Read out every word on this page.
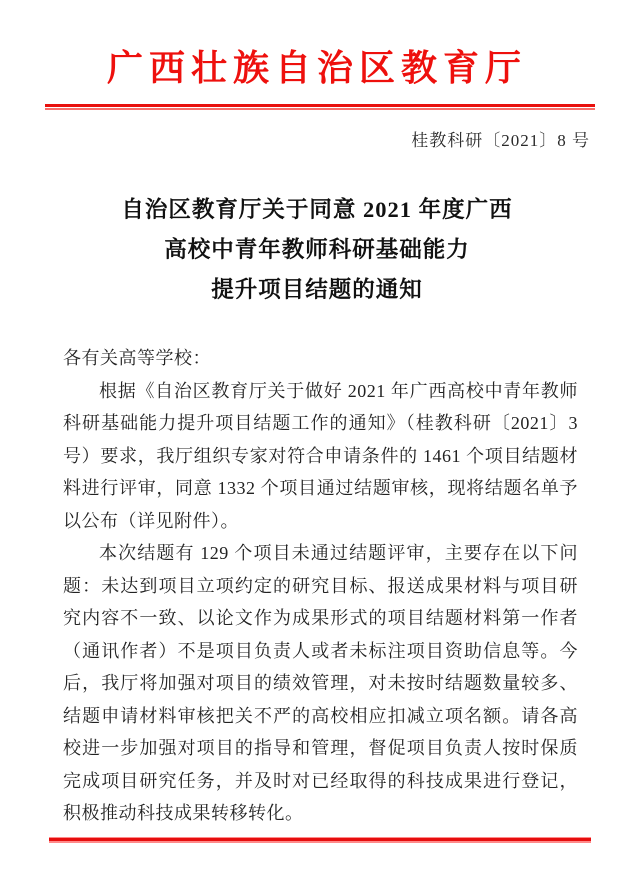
广西壮族自治区教育厅
桂教科研〔2021〕8 号
自治区教育厅关于同意 2021 年度广西
高校中青年教师科研基础能力
提升项目结题的通知

各有关高等学校：

根据《自治区教育厅关于做好 2021 年广西高校中青年教师科研基础能力提升项目结题工作的通知》（桂教科研〔2021〕3 号）要求，我厅组织专家对符合申请条件的 1461 个项目结题材料进行评审，同意 1332 个项目通过结题审核，现将结题名单予以公布（详见附件）。

本次结题有 129 个项目未通过结题评审，主要存在以下问题：未达到项目立项约定的研究目标、报送成果材料与项目研究内容不一致、以论文作为成果形式的项目结题材料第一作者（通讯作者）不是项目负责人或者未标注项目资助信息等。今后，我厅将加强对项目的绩效管理，对未按时结题数量较多、结题申请材料审核把关不严的高校相应扣减立项名额。请各高校进一步加强对项目的指导和管理，督促项目负责人按时保质完成项目研究任务，并及时对已经取得的科技成果进行登记，积极推动科技成果转移转化。
